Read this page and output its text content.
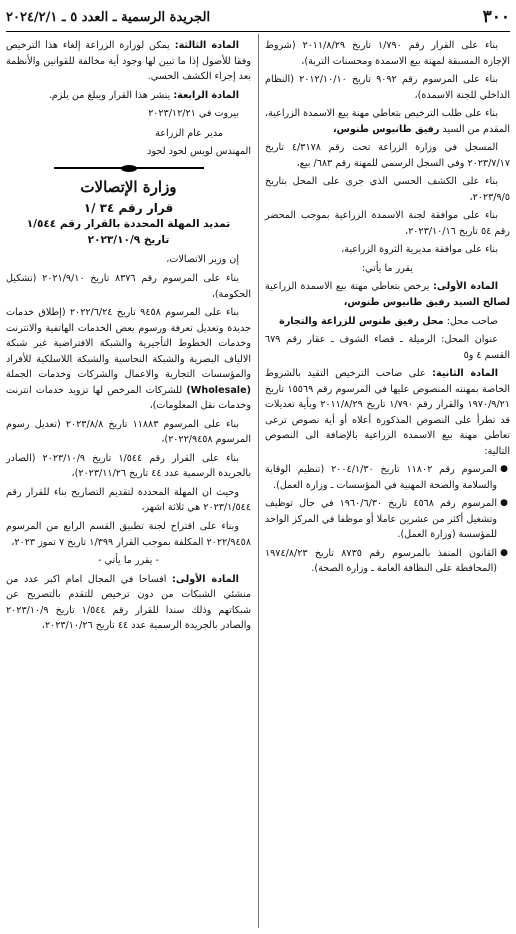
٣٠٠
الجريدة الرسمية ـ العدد ٥ ـ ٢٠٢٤/٢/١

بناء على القرار رقم ١/٧٩٠ تاريخ ٢٠١١/٨/٢٩ (شروط الإجازة المسبقة لمهنة بيع الاسمدة ومحسنات التربة)،

بناء على المرسوم رقم ٩٠٩٢ تاريخ ٢٠١٢/١٠/١٠ (النظام الداخلي للجنة الاسمدة)،

بناء على طلب الترخيص بتعاطي مهنة بيع الاسمدة الزراعية، المقدم من السيد رفيق طانيوس طنوس،

المسجل في وزارة الزراعة تحت رقم ٤/٣١٧٨ تاريخ ٢٠٢٣/٧/١٧ وفي السجل الرسمي للمهنة رقم ٦٨٣/ بيع،

بناء على الكشف الحسي الذي جرى على المحل بتاريخ ٢٠٢٣/٩/٥،

بناء على موافقة لجنة الاسمدة الزراعية بموجب المحضر رقم ٥٤ تاريخ ٢٠٢٣/١٠/١٦،

بناء على موافقة مديرية الثروة الزراعية،

يقرر ما يأتي:

المادة الأولى: يرخص بتعاطي مهنة بيع الاسمدة الزراعية لصالح السيد رفيق طانيوس طنوس،

صاحب محل: محل رفيق طنوس للزراعة والتجارة

عنوان المحل: الرميلة ـ قضاء الشوف ـ عقار رقم ٦٧٩ القسم ٤ و٥

المادة الثانية: على صاحب الترخيص التقيد بالشروط الخاصة بمهنته المنصوص عليها في المرسوم رقم ١٥٥٦٩ تاريخ ١٩٧٠/٩/٢١ والقرار رقم ١/٧٩٠ تاريخ ٢٠١١/٨/٢٩ وبأية تعديلات قد تطرأ على النصوص المذكورة أعلاه أو أية نصوص ترعى تعاطي مهنة بيع الاسمدة الزراعية بالإضافة الى النصوص التالية:

●
المرسوم رقم ١١٨٠٢ تاريخ ٢٠٠٤/١/٣٠ (تنظيم الوقاية والسلامة والصحة المهنية في المؤسسات ـ وزارة العمل).
●
المرسوم رقم ٤٥٦٨ تاريخ ١٩٦٠/٦/٣٠ في حال توظيف وتشغيل أكثر من عشرين عاملا أو موظفا في المركز الواحد للمؤسسة (وزارة العمل).
●
القانون المنفذ بالمرسوم رقم ٨٧٣٥ تاريخ ١٩٧٤/٨/٢٣ (المحافظة على النظافة العامة ـ وزارة الصحة).

المادة الثالثة: يمكن لوزارة الزراعة إلغاء هذا الترخيص وفقا للأصول إذا ما تبين لها وجود أية مخالفة للقوانين والأنظمة بعد إجراء الكشف الحسي.

المادة الرابعة: ينشر هذا القرار ويبلغ من يلزم.

بيروت في ٢٠٢٣/١٢/٢١

مدير عام الزراعة

المهندس لويس لحود لحود

وزارة الإتصالات
قرار رقم ٣٤ /١
تمديد المهلة المحددة بالقرار رقم ١/٥٤٤
تاريخ ٢٠٢٣/١٠/٩

إن وزير الاتصالات،

بناء على المرسوم رقم ٨٣٧٦ تاريخ ٢٠٢١/٩/١٠ (تشكيل الحكومة)،

بناء على المرسوم ٩٤٥٨ تاريخ ٢٠٢٢/٦/٢٤ (إطلاق خدمات جديدة وتعديل تعرفة ورسوم بعض الخدمات الهاتفية والانترنت وخدمات الخطوط التأجيرية والشبكة الافتراضية غير شبكة الالياف البصرية والشبكة النحاسية والشبكة اللاسلكية للأفراد والمؤسسات التجارية والاعمال والشركات وخدمات الجملة (Wholesale) للشركات المرخص لها تزويد خدمات انترنت وخدمات نقل المعلومات)،

بناء على المرسوم ١١٨٨٣ تاريخ ٢٠٢٣/٨/٨ (تعديل رسوم المرسوم ٢٠٢٢/٩٤٥٨)،

بناء على القرار رقم ١/٥٤٤ تاريخ ٢٠٢٣/١٠/٩ (الصادر بالجريدة الرسمية عدد ٤٤ تاريخ ٢٠٢٣/١١/٢٦)،

وحيث ان المهلة المحددة لتقديم التصاريح بناء للقرار رقم ٢٠٢٣/١/٥٤٤ هي ثلاثة اشهر،

وبناء على اقتراح لجنة تطبيق القسم الرابع من المرسوم ٢٠٢٢/٩٤٥٨ المكلفة بموجب القرار ١/٣٩٩ تاريخ ٧ تموز ٢٠٢٣،

- يقرر ما يأتي -

المادة الأولى: افساحا في المجال امام اكبر عدد من منشئي الشبكات من دون ترخيص للتقدم بالتصريح عن شبكاتهم وذلك سندا للقرار رقم ١/٥٤٤ تاريخ ٢٠٢٣/١٠/٩ والصادر بالجريدة الرسمية عدد ٤٤ تاريخ ٢٠٢٣/١٠/٢٦،
